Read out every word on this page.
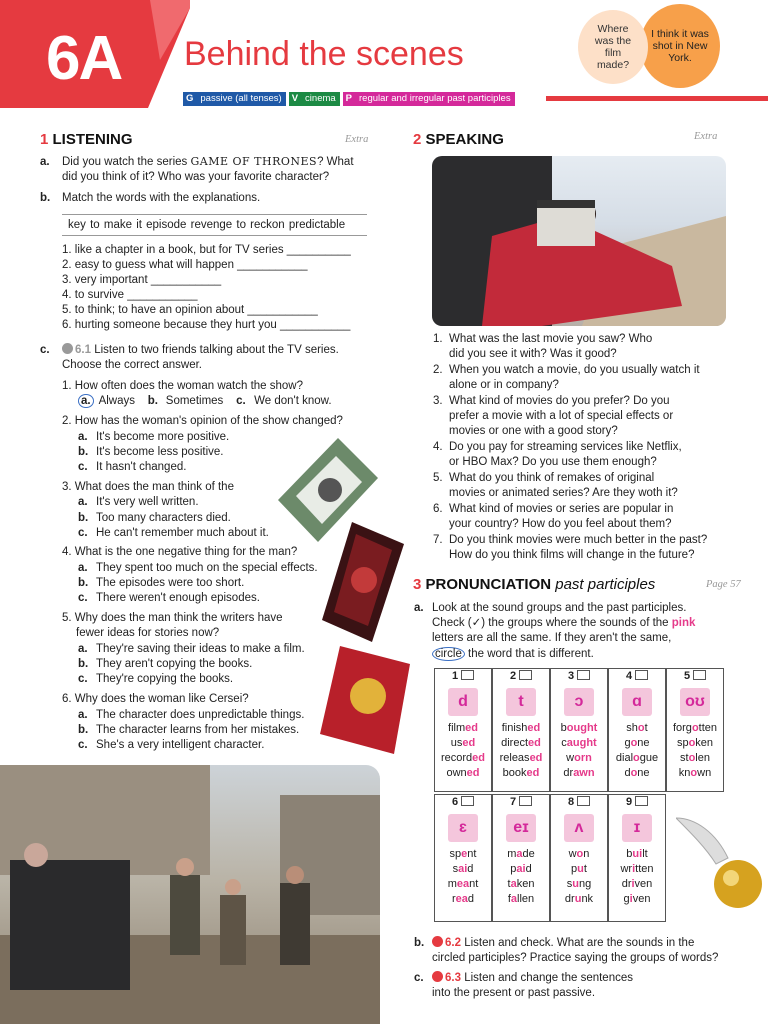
6A Behind the scenes
G passive (all tenses)	V cinema	P regular and irregular past participles
I think it was shot in New York.
Where was the film made?
1 LISTENING	Extra
a. Did you watch the series GAME OF THRONES? What
did you think of it? Who was your favorite character?
b. Match the words with the explanations.
key to make it episode revenge to reckon predictable
1. like a chapter in a book, but for TV series __________
2. easy to guess what will happen ___________
3. very important ___________
4. to survive ___________
5. to think; to have an opinion about ___________
6. hurting someone because they hurt you ___________
c. 6.1 Listen to two friends talking about the TV series.
Choose the correct answer.
1. How often does the woman watch the show?
a. Always b. Sometimes c. We don't know.
2. How has the woman's opinion of the show changed?
a. It's become more positive.
b. It's become less positive.
c. It hasn't changed.
3. What does the man think of the
a. It's very well written.
b. Too many characters died.
c. He can't remember much about it.
4. What is the one negative thing for the man?
a. They spent too much on the special effects.
b. The episodes were too short.
c. There weren't enough episodes.
5. Why does the man think the writers have
fewer ideas for stories now?
a. They're saving their ideas to make a film.
b. They aren't copying the books.
c. They're copying the books.
6. Why does the woman like Cersei?
a. The character does unpredictable things.
b. The character learns from her mistakes.
c. She's a very intelligent character.
2 SPEAKING	Extra
1. What was the last movie you saw? Who
did you see it with? Was it good?
2. When you watch a movie, do you usually watch it
alone or in company?
3. What kind of movies do you prefer? Do you
prefer a movie with a lot of special effects or
movies or one with a good story?
4. Do you pay for streaming services like Netflix,
or HBO Max? Do you use them enough?
5. What do you think of remakes of original
movies or animated series? Are they woth it?
6. What kind of movies or series are popular in
your country? How do you feel about them?
7. Do you think movies were much better in the past?
How do you think films will change in the future?
3 PRONUNCIATION past participles	Page 57
a. Look at the sound groups and the past participles.
Check (✓) the groups where the sounds of the pink
letters are all the same. If they aren't the same,
circle the word that is different.
1
d
filmed
used
recorded
owned
2
t
finished
directed
released
booked
3
ɔ
bought
caught
worn
drawn
4
ɑ
shot
gone
dialogue
done
5
oʊ
forgotten
spoken
stolen
known
6
ɛ
spent
said
meant
read
7
eɪ
made
paid
taken
fallen
8
ʌ
won
put
sung
drunk
9
ɪ
built
written
driven
given
b. 6.2 Listen and check. What are the sounds in the
circled participles? Practice saying the groups of words?
c. 6.3 Listen and change the sentences
into the present or past passive.
